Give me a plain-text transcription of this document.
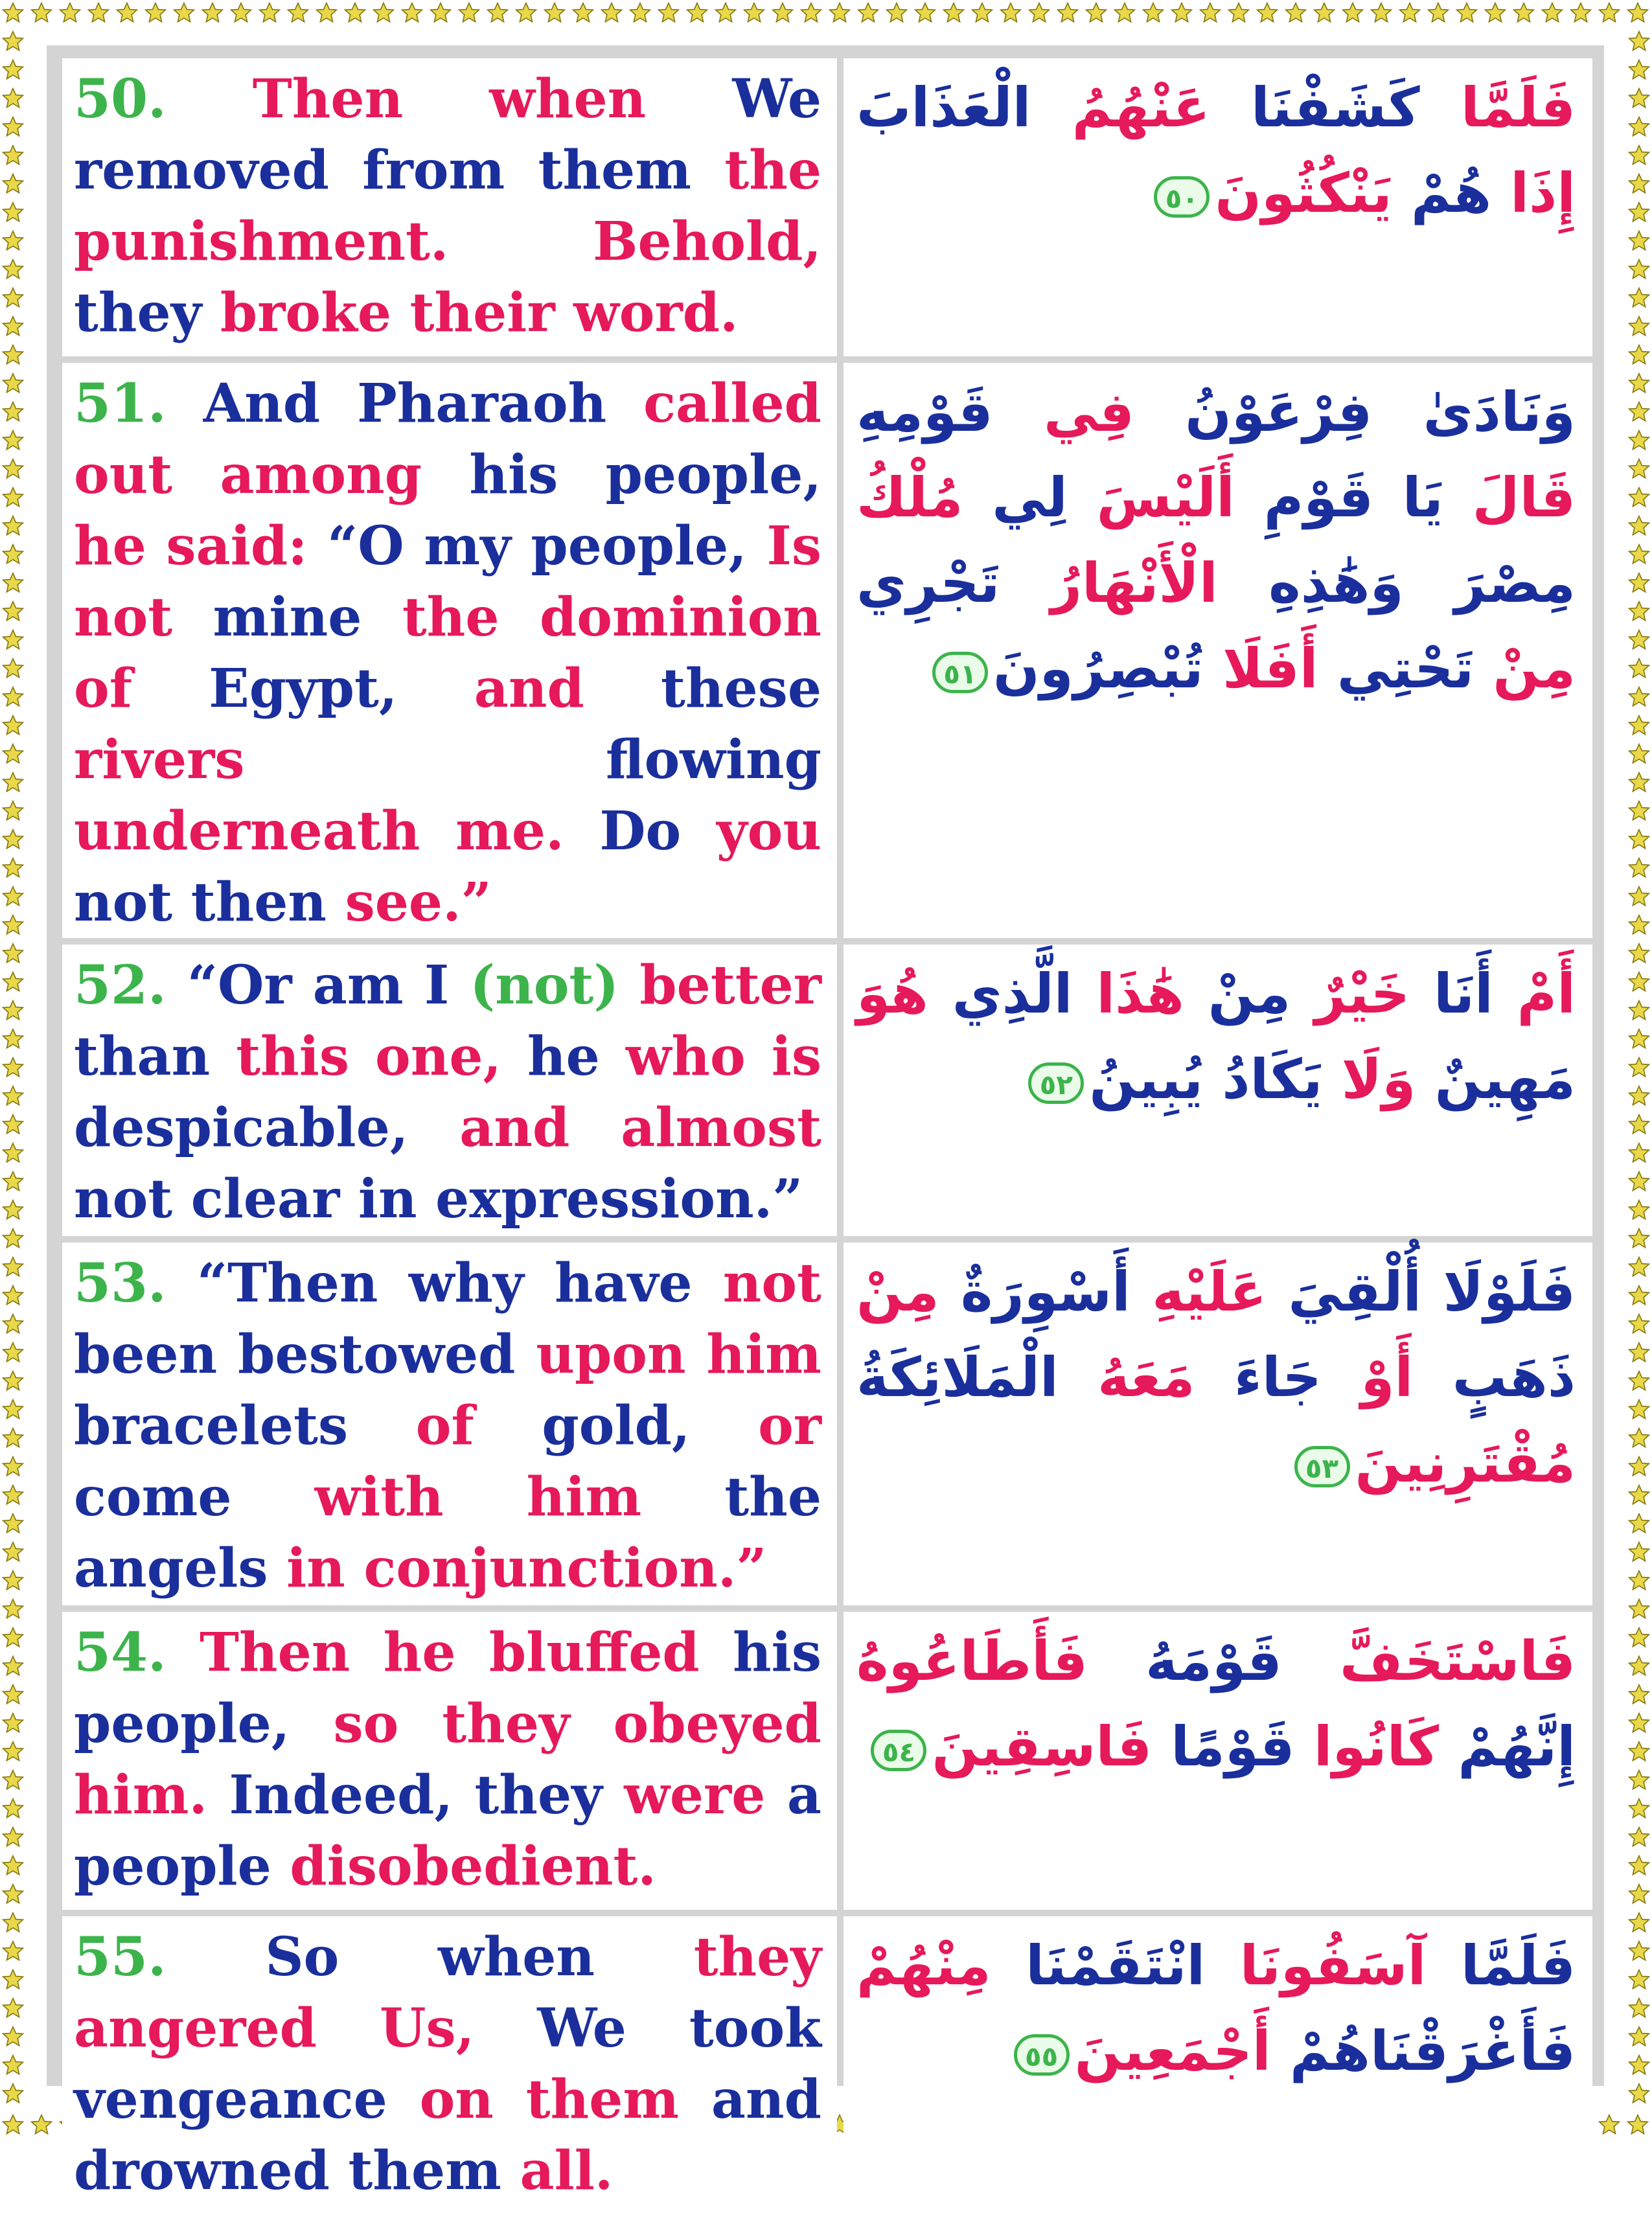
50. Then when We removed from them the punishment. Behold, they broke their word.	فَلَمَّا كَشَفْنَا عَنْهُمُ الْعَذَابَ إِذَا هُمْ يَنْكُثُونَ٥٠
51. And Pharaoh called out among his people, he said: “O my people, Is not mine the dominion of Egypt, and these rivers flowing underneath me. Do you not then see.”	وَنَادَىٰ فِرْعَوْنُ فِي قَوْمِهِ قَالَ يَا قَوْمِ أَلَيْسَ لِي مُلْكُ مِصْرَ وَهَٰذِهِ الْأَنْهَارُ تَجْرِي مِنْ تَحْتِي أَفَلَا تُبْصِرُونَ٥١
52. “Or am I (not) better than this one, he who is despicable, and almost not clear in expression.”	أَمْ أَنَا خَيْرٌ مِنْ هَٰذَا الَّذِي هُوَ مَهِينٌ وَلَا يَكَادُ يُبِينُ٥٢
53. “Then why have not been bestowed upon him bracelets of gold, or come with him the angels in conjunction.”	فَلَوْلَا أُلْقِيَ عَلَيْهِ أَسْوِرَةٌ مِنْ ذَهَبٍ أَوْ جَاءَ مَعَهُ الْمَلَائِكَةُ مُقْتَرِنِينَ٥٣
54. Then he bluffed his people, so they obeyed him. Indeed, they were a people disobedient.	فَاسْتَخَفَّ قَوْمَهُ فَأَطَاعُوهُ إِنَّهُمْ كَانُوا قَوْمًا فَاسِقِينَ٥٤
55. So when they angered Us, We took vengeance on them and drowned them all.	فَلَمَّا آسَفُونَا انْتَقَمْنَا مِنْهُمْ فَأَغْرَقْنَاهُمْ أَجْمَعِينَ٥٥
